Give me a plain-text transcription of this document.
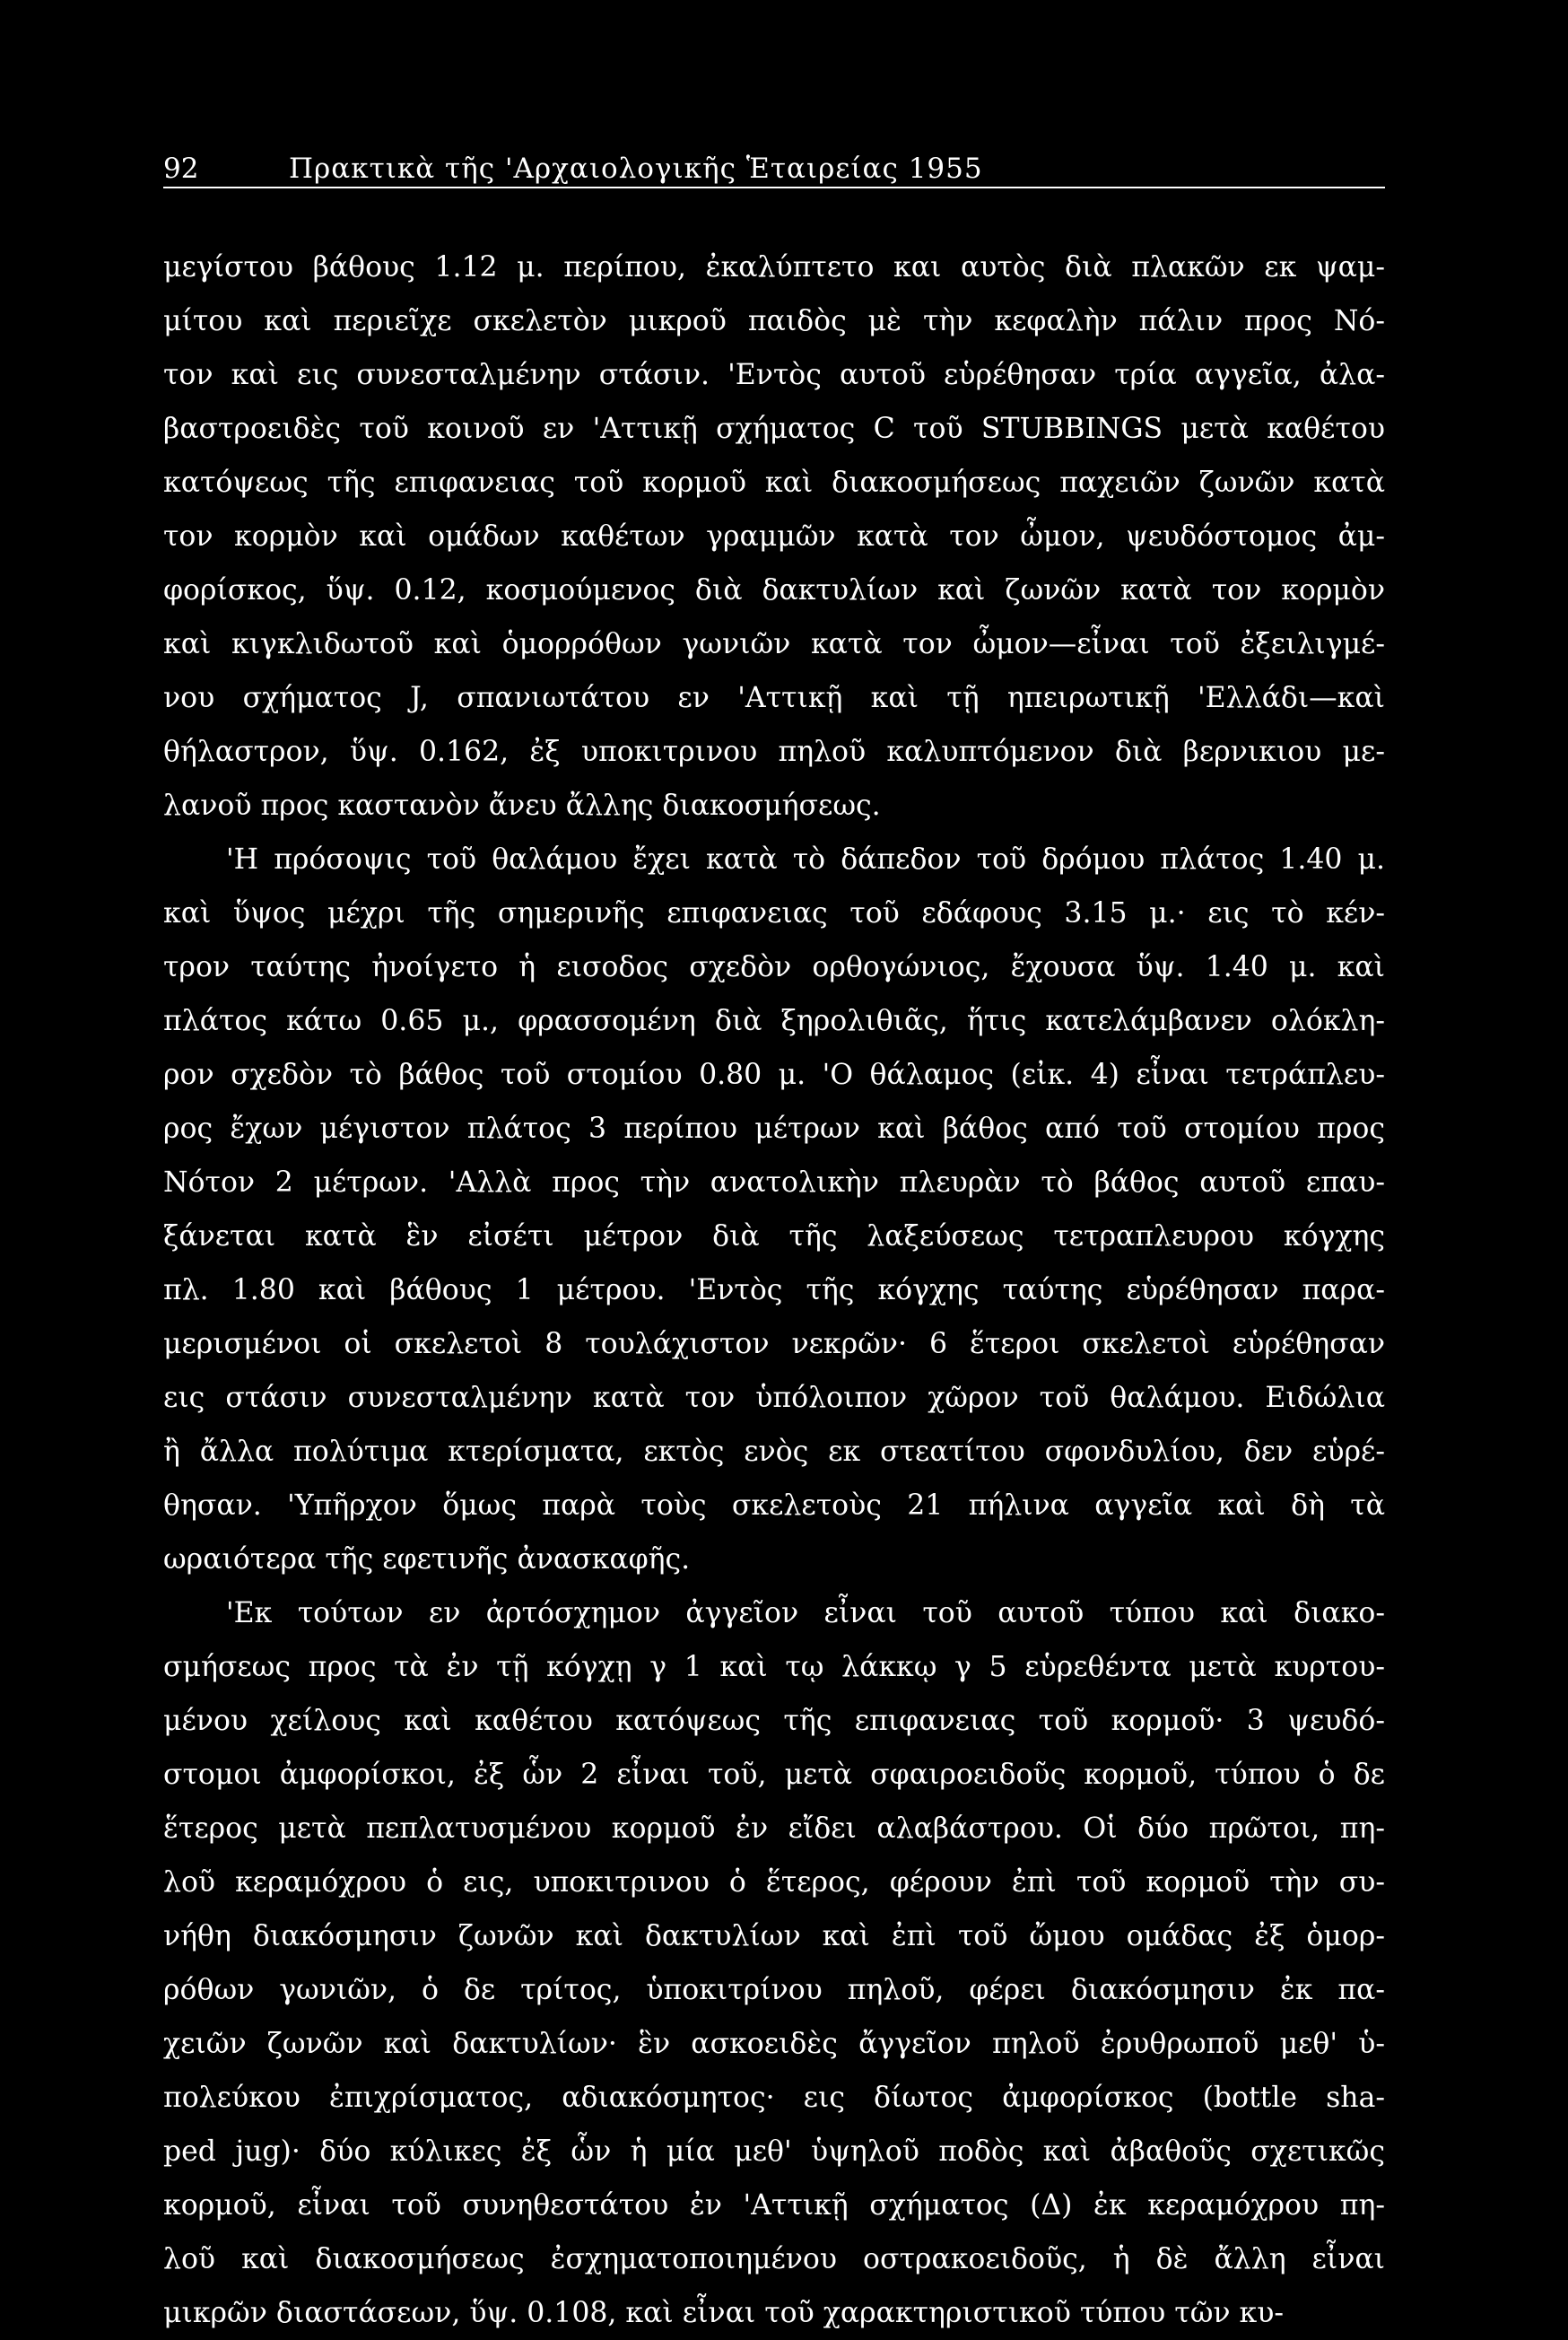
92	Πρακτικὰ τῆς 'Αρχαιολογικῆς Ἑταιρείας 1955
μεγίστου βάθους 1.12 μ. περίπου, ἐκαλύπτετο και αυτὸς διὰ πλακῶν εκ ψαμ-
μίτου καὶ περιεῖχε σκελετὸν μικροῦ παιδὸς μὲ τὴν κεφαλὴν πάλιν προς Νό-
τον καὶ εις συνεσταλμένην στάσιν. 'Εντὸς αυτοῦ εὑρέθησαν τρία αγγεῖα, ἀλα-
βαστροειδὲς τοῦ κοινοῦ εν 'Αττικῇ σχήματος C τοῦ STUBBINGS μετὰ καθέτου
κατόψεως τῆς επιφανειας τοῦ κορμοῦ καὶ διακοσμήσεως παχειῶν ζωνῶν κατὰ
τον κορμὸν καὶ ομάδων καθέτων γραμμῶν κατὰ τον ὦμον, ψευδόστομος ἀμ-
φορίσκος, ὕψ. 0.12, κοσμούμενος διὰ δακτυλίων καὶ ζωνῶν κατὰ τον κορμὸν
καὶ κιγκλιδωτοῦ καὶ ὁμορρόθων γωνιῶν κατὰ τον ὦμον—εἶναι τοῦ ἐξειλιγμέ-
νου σχήματος J, σπανιωτάτου εν 'Αττικῇ καὶ τῇ ηπειρωτικῇ 'Ελλάδι—καὶ
θήλαστρον, ὕψ. 0.162, ἐξ υποκιτρινου πηλοῦ καλυπτόμενον διὰ βερνικιου με-
λανοῦ προς καστανὸν ἄνευ ἄλλης διακοσμήσεως.
'Η πρόσοψις τοῦ θαλάμου ἔχει κατὰ τὸ δάπεδον τοῦ δρόμου πλάτος 1.40 μ.
καὶ ὕψος μέχρι τῆς σημερινῆς επιφανειας τοῦ εδάφους 3.15 μ.· εις τὸ κέν-
τρον ταύτης ἠνοίγετο ἡ εισοδος σχεδὸν ορθογώνιος, ἔχουσα ὕψ. 1.40 μ. καὶ
πλάτος κάτω 0.65 μ., φρασσομένη διὰ ξηρολιθιᾶς, ἥτις κατελάμβανεν ολόκλη-
ρον σχεδὸν τὸ βάθος τοῦ στομίου 0.80 μ. 'Ο θάλαμος (εἰκ. 4) εἶναι τετράπλευ-
ρος ἔχων μέγιστον πλάτος 3 περίπου μέτρων καὶ βάθος από τοῦ στομίου προς
Νότον 2 μέτρων. 'Αλλὰ προς τὴν ανατολικὴν πλευρὰν τὸ βάθος αυτοῦ επαυ-
ξάνεται κατὰ ἓν εἰσέτι μέτρον διὰ τῆς λαξεύσεως τετραπλευρου κόγχης
πλ. 1.80 καὶ βάθους 1 μέτρου. 'Εντὸς τῆς κόγχης ταύτης εὑρέθησαν παρα-
μερισμένοι οἱ σκελετοὶ 8 τουλάχιστον νεκρῶν· 6 ἕτεροι σκελετοὶ εὑρέθησαν
εις στάσιν συνεσταλμένην κατὰ τον ὑπόλοιπον χῶρον τοῦ θαλάμου. Ειδώλια
ἢ ἄλλα πολύτιμα κτερίσματα, εκτὸς ενὸς εκ στεατίτου σφονδυλίου, δεν εὑρέ-
θησαν. 'Υπῆρχον ὅμως παρὰ τοὺς σκελετοὺς 21 πήλινα αγγεῖα καὶ δὴ τὰ
ωραιότερα τῆς εφετινῆς ἀνασκαφῆς.
'Εκ τούτων εν ἀρτόσχημον ἀγγεῖον εἶναι τοῦ αυτοῦ τύπου καὶ διακο-
σμήσεως προς τὰ ἐν τῇ κόγχῃ γ 1 καὶ τῳ λάκκῳ γ 5 εὑρεθέντα μετὰ κυρτου-
μένου χείλους καὶ καθέτου κατόψεως τῆς επιφανειας τοῦ κορμοῦ· 3 ψευδό-
στομοι ἀμφορίσκοι, ἐξ ὧν 2 εἶναι τοῦ, μετὰ σφαιροειδοῦς κορμοῦ, τύπου ὁ δε
ἕτερος μετὰ πεπλατυσμένου κορμοῦ ἐν εἴδει αλαβάστρου. Οἱ δύο πρῶτοι, πη-
λοῦ κεραμόχρου ὁ εις, υποκιτρινου ὁ ἕτερος, φέρουν ἐπὶ τοῦ κορμοῦ τὴν συ-
νήθη διακόσμησιν ζωνῶν καὶ δακτυλίων καὶ ἐπὶ τοῦ ὤμου ομάδας ἐξ ὁμορ-
ρόθων γωνιῶν, ὁ δε τρίτος, ὑποκιτρίνου πηλοῦ, φέρει διακόσμησιν ἐκ πα-
χειῶν ζωνῶν καὶ δακτυλίων· ἓν ασκοειδὲς ἄγγεῖον πηλοῦ ἐρυθρωποῦ μεθ' ὑ-
πολεύκου ἐπιχρίσματος, αδιακόσμητος· εις δίωτος ἀμφορίσκος (bottle sha-
ped jug)· δύο κύλικες ἐξ ὧν ἡ μία μεθ' ὑψηλοῦ ποδὸς καὶ ἀβαθοῦς σχετικῶς
κορμοῦ, εἶναι τοῦ συνηθεστάτου ἐν 'Αττικῇ σχήματος (Δ) ἐκ κεραμόχρου πη-
λοῦ καὶ διακοσμήσεως ἐσχηματοποιημένου οστρακοειδοῦς, ἡ δὲ ἄλλη εἶναι
μικρῶν διαστάσεων, ὕψ. 0.108, καὶ εἶναι τοῦ χαρακτηριστικοῦ τύπου τῶν κυ-
